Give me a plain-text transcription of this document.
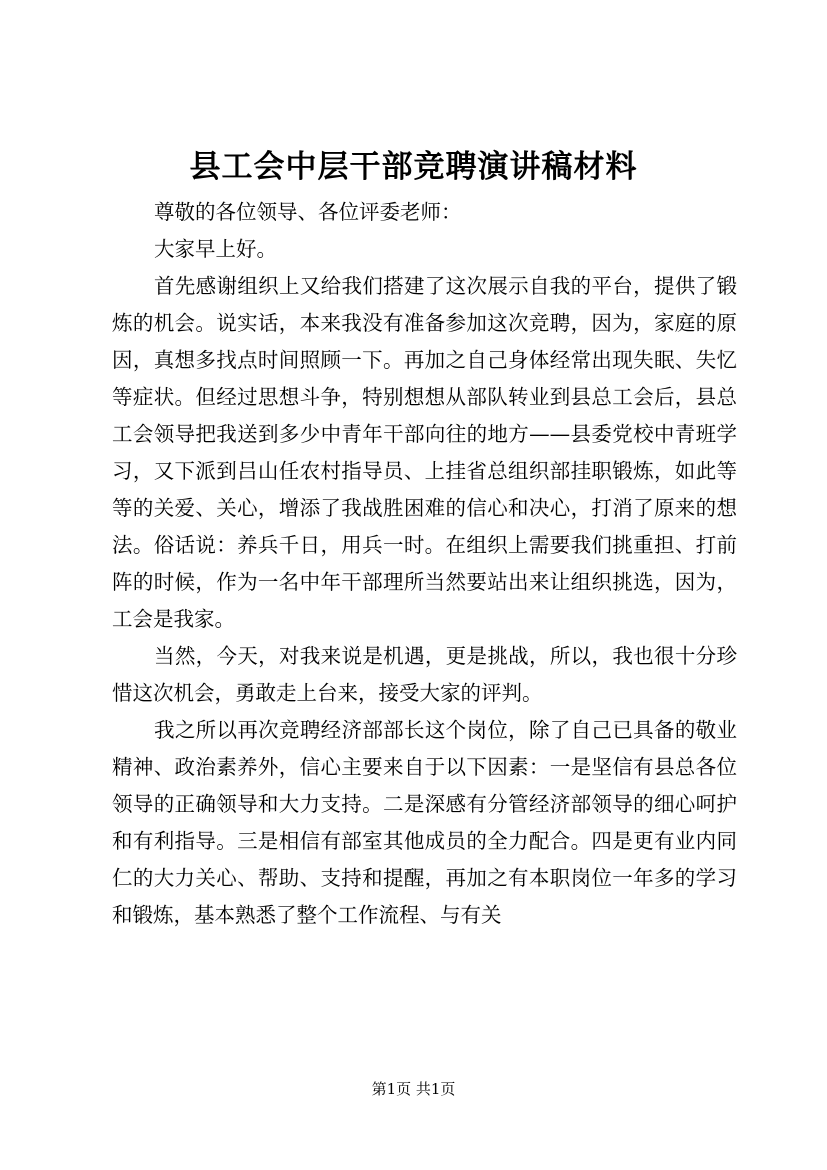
县工会中层干部竞聘演讲稿材料

尊敬的各位领导、各位评委老师：

大家早上好。

首先感谢组织上又给我们搭建了这次展示自我的平台，提供了锻炼的机会。说实话，本来我没有准备参加这次竞聘，因为，家庭的原因，真想多找点时间照顾一下。再加之自己身体经常出现失眠、失忆等症状。但经过思想斗争，特别想想从部队转业到县总工会后，县总工会领导把我送到多少中青年干部向往的地方——县委党校中青班学习，又下派到吕山任农村指导员、上挂省总组织部挂职锻炼，如此等等的关爱、关心，增添了我战胜困难的信心和决心，打消了原来的想法。俗话说：养兵千日，用兵一时。在组织上需要我们挑重担、打前阵的时候，作为一名中年干部理所当然要站出来让组织挑选，因为，工会是我家。

当然，今天，对我来说是机遇，更是挑战，所以，我也很十分珍惜这次机会，勇敢走上台来，接受大家的评判。

我之所以再次竞聘经济部部长这个岗位，除了自己已具备的敬业精神、政治素养外，信心主要来自于以下因素：一是坚信有县总各位领导的正确领导和大力支持。二是深感有分管经济部领导的细心呵护和有利指导。三是相信有部室其他成员的全力配合。四是更有业内同仁的大力关心、帮助、支持和提醒，再加之有本职岗位一年多的学习和锻炼，基本熟悉了整个工作流程、与有关

第1页 共1页
